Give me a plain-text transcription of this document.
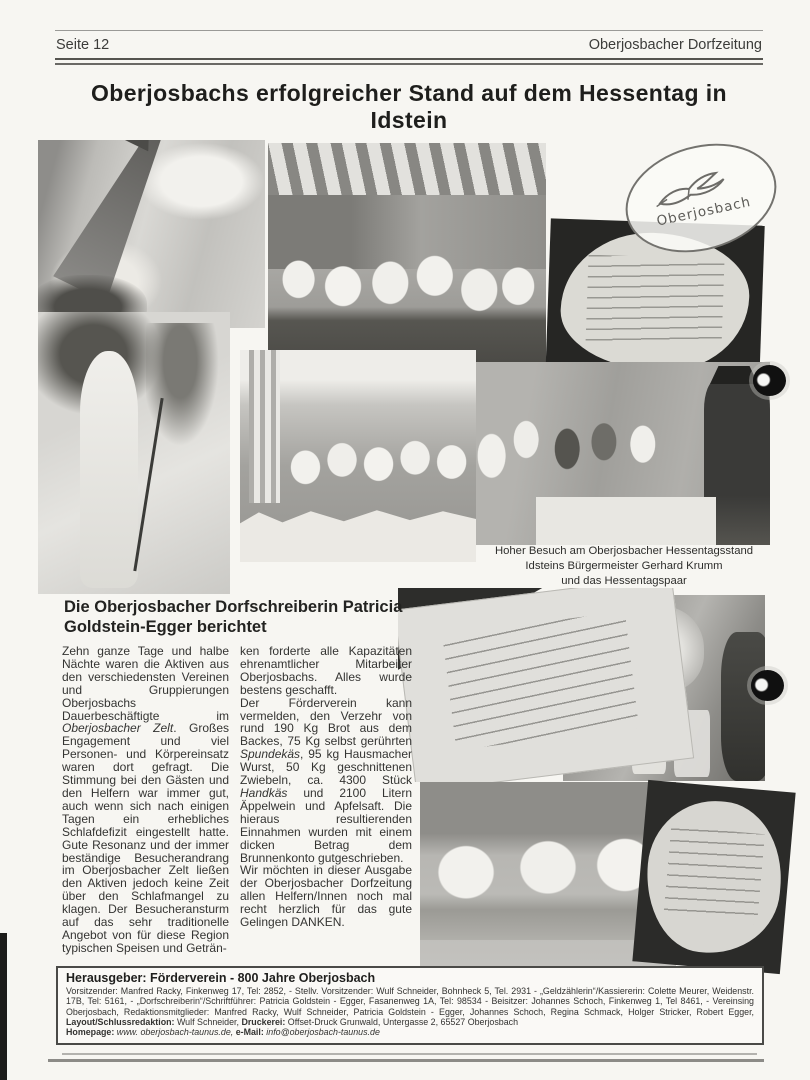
Seite 12	Oberjosbacher Dorfzeitung
Oberjosbachs erfolgreicher Stand auf dem Hessentag in Idstein
Oberjosbach
Hoher Besuch am Oberjosbacher Hessentagsstand
Idsteins Bürgermeister Gerhard Krumm
und das Hessentagspaar
Die Oberjosbacher Dorfschreiberin Patricia
Goldstein-Egger berichtet

Zehn ganze Tage und halbe Nächte waren die Aktiven aus den verschiedensten Vereinen und Gruppierungen Oberjosbachs Dauerbeschäftigte im Oberjosbacher Zelt. Großes Engagement und viel Personen- und Körpereinsatz waren dort gefragt. Die Stimmung bei den Gästen und den Helfern war immer gut, auch wenn sich nach einigen Tagen ein erhebliches Schlafdefizit eingestellt hatte. Gute Resonanz und der immer beständige Besucherandrang im Oberjosbacher Zelt ließen den Aktiven jedoch keine Zeit über den Schlafmangel zu klagen. Der Besucheransturm auf das sehr traditionelle Angebot von für diese Region typischen Speisen und Geträn-

ken forderte alle Kapazitäten ehrenamtlicher Mitarbeiter Oberjosbachs. Alles wurde bestens geschafft.

Der Förderverein kann vermelden, den Verzehr von rund 190 Kg Brot aus dem Backes, 75 Kg selbst gerührten Spundekäs, 95 kg Hausmacher Wurst, 50 Kg geschnittenen Zwiebeln, ca. 4300 Stück Handkäs und 2100 Litern Äppelwein und Apfelsaft. Die hieraus resultierenden Einnahmen wurden mit einem dicken Betrag dem Brunnenkonto gutgeschrieben.

Wir möchten in dieser Ausgabe der Oberjosbacher Dorfzeitung allen Helfern/Innen noch mal recht herzlich für das gute Gelingen DANKEN.

Herausgeber: Förderverein - 800 Jahre Oberjosbach

Vorsitzender: Manfred Racky, Finkenweg 17, Tel: 2852, - Stellv. Vorsitzender: Wulf Schneider, Bohnheck 5, Tel. 2931 - „Geldzählerin“/Kassiererin: Colette Meurer, Weidenstr. 17B, Tel: 5161, - „Dorfschreiberin“/Schriftführer: Patricia Goldstein - Egger, Fasanenweg 1A, Tel: 98534 - Beisitzer: Johannes Schoch, Finkenweg 1, Tel 8461, - Vereinsing Oberjosbach, Redaktionsmitglieder: Manfred Racky, Wulf Schneider, Patricia Goldstein - Egger, Johannes Schoch, Regina Schmack, Holger Stricker, Robert Egger, Layout/Schlussredaktion: Wulf Schneider, Druckerei: Offset-Druck Grunwald, Untergasse 2, 65527 Oberjosbach

Homepage: www. oberjosbach-taunus.de, e-Mail: info@oberjosbach-taunus.de
